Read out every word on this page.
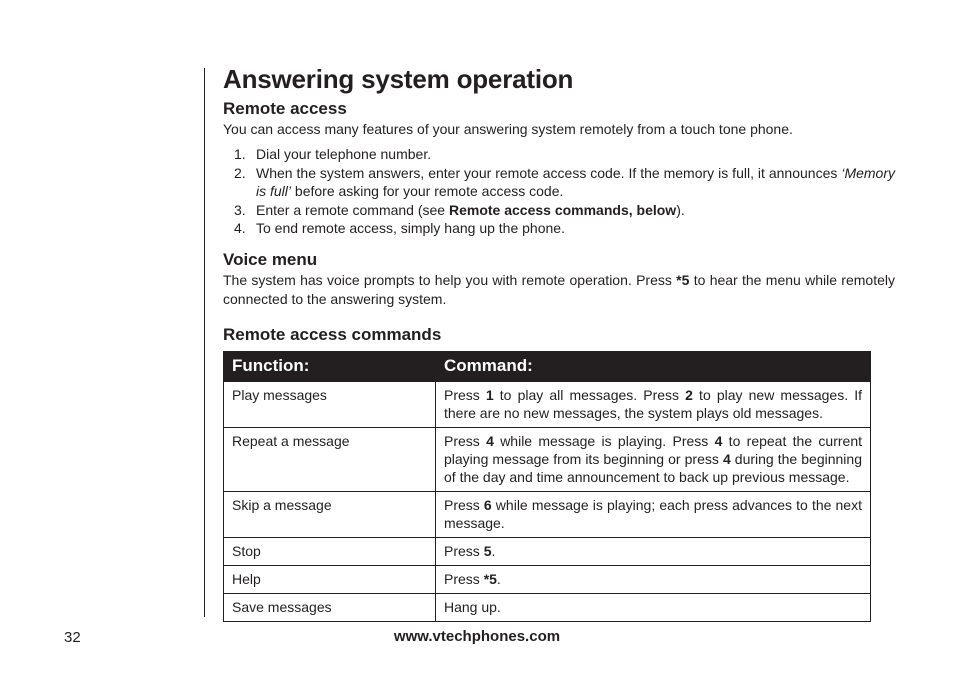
Answering system operation
Remote access

You can access many features of your answering system remotely from a touch tone phone.

1. Dial your telephone number.
2. When the system answers, enter your remote access code. If the memory is full, it announces ‘Memory is full’ before asking for your remote access code.
3. Enter a remote command (see Remote access commands, below).
4. To end remote access, simply hang up the phone.
Voice menu

The system has voice prompts to help you with remote operation. Press *5 to hear the menu while remotely connected to the answering system.

Remote access commands
Function:	Command:
Play messages	Press 1 to play all messages. Press 2 to play new messages. If there are no new messages, the system plays old messages.
Repeat a message	Press 4 while message is playing. Press 4 to repeat the current playing message from its beginning or press 4 during the beginning of the day and time announcement to back up previous message.
Skip a message	Press 6 while message is playing; each press advances to the next message.
Stop	Press 5.
Help	Press *5.
Save messages	Hang up.
32	www.vtechphones.com
